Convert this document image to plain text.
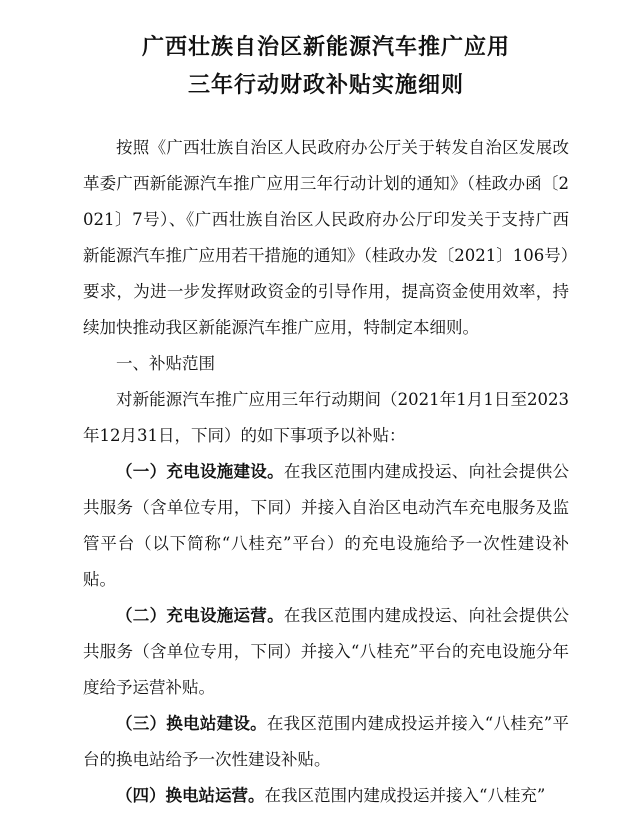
广西壮族自治区新能源汽车推广应用
三年行动财政补贴实施细则

按照《广西壮族自治区人民政府办公厅关于转发自治区发展改革委广西新能源汽车推广应用三年行动计划的通知》（桂政办函〔2021〕7号）、《广西壮族自治区人民政府办公厅印发关于支持广西新能源汽车推广应用若干措施的通知》（桂政办发〔2021〕106号）要求，为进一步发挥财政资金的引导作用，提高资金使用效率，持续加快推动我区新能源汽车推广应用，特制定本细则。

一、补贴范围

对新能源汽车推广应用三年行动期间（2021年1月1日至2023年12月31日，下同）的如下事项予以补贴：

（一）充电设施建设。在我区范围内建成投运、向社会提供公共服务（含单位专用，下同）并接入自治区电动汽车充电服务及监管平台（以下简称“八桂充”平台）的充电设施给予一次性建设补贴。

（二）充电设施运营。在我区范围内建成投运、向社会提供公共服务（含单位专用，下同）并接入“八桂充”平台的充电设施分年度给予运营补贴。

（三）换电站建设。在我区范围内建成投运并接入“八桂充”平台的换电站给予一次性建设补贴。

（四）换电站运营。在我区范围内建成投运并接入“八桂充”
